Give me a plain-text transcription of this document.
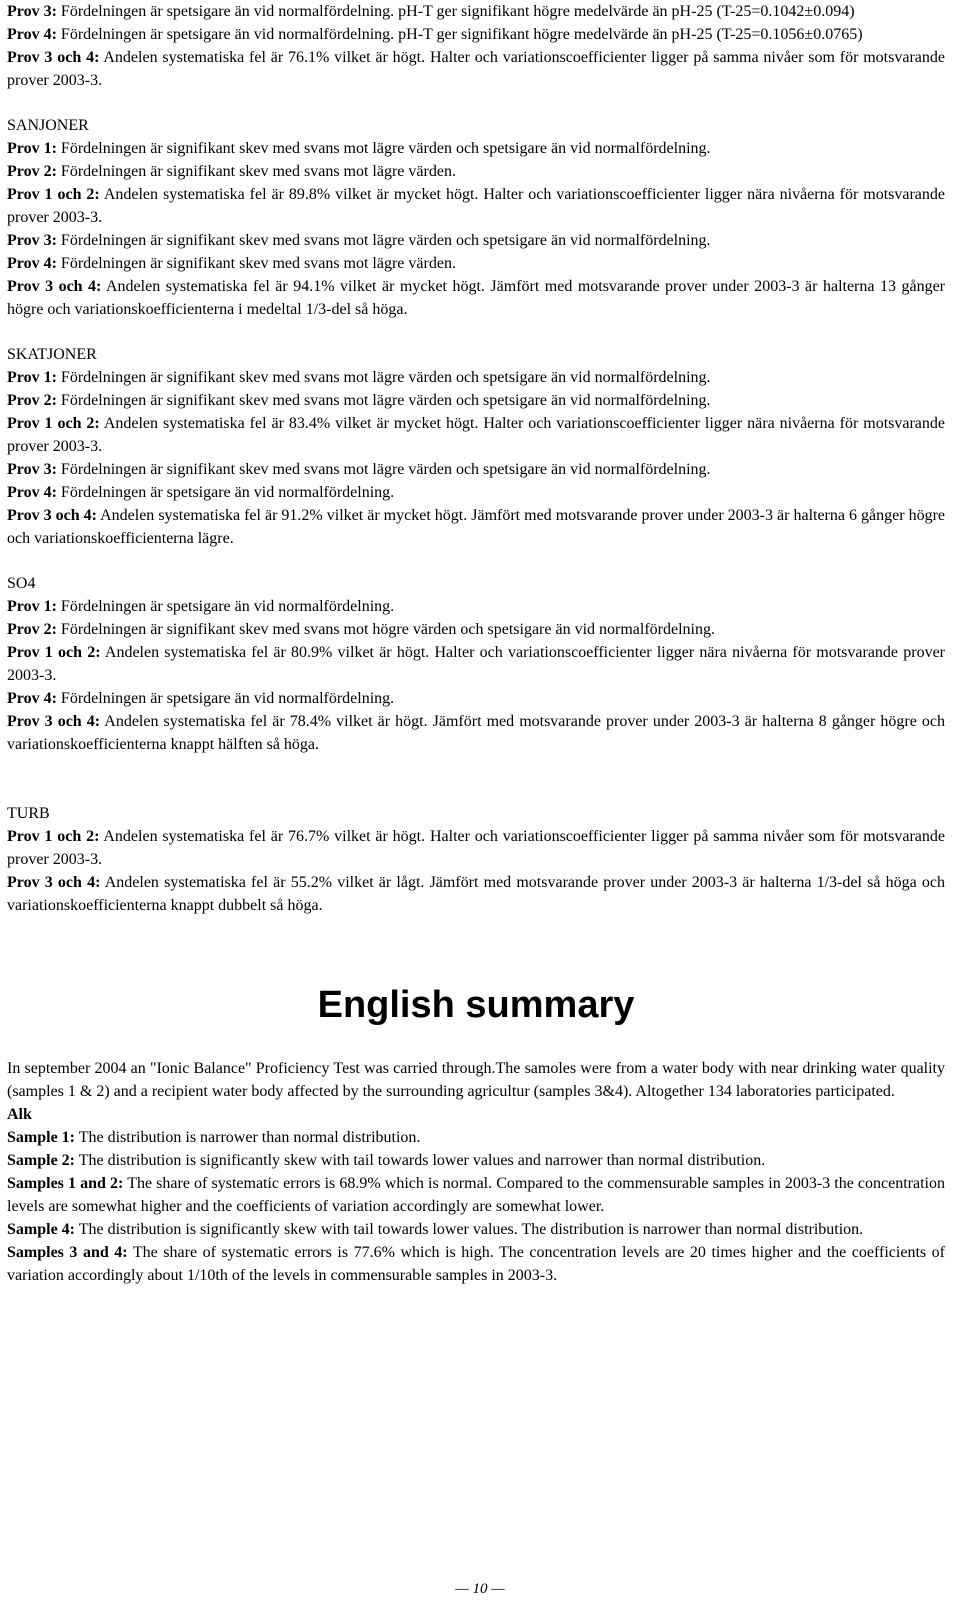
Prov 3: Fördelningen är spetsigare än vid normalfördelning. pH-T ger signifikant högre medelvärde än pH-25 (T-25=0.1042±0.094)

Prov 4: Fördelningen är spetsigare än vid normalfördelning. pH-T ger signifikant högre medelvärde än pH-25 (T-25=0.1056±0.0765)

Prov 3 och 4: Andelen systematiska fel är 76.1% vilket är högt. Halter och variationscoefficienter ligger på samma nivåer som för motsvarande prover 2003-3.

SANJONER

Prov 1: Fördelningen är signifikant skev med svans mot lägre värden och spetsigare än vid normalfördelning.

Prov 2: Fördelningen är signifikant skev med svans mot lägre värden.

Prov 1 och 2: Andelen systematiska fel är 89.8% vilket är mycket högt. Halter och variationscoefficienter ligger nära nivåerna för motsvarande prover 2003-3.

Prov 3: Fördelningen är signifikant skev med svans mot lägre värden och spetsigare än vid normalfördelning.

Prov 4: Fördelningen är signifikant skev med svans mot lägre värden.

Prov 3 och 4: Andelen systematiska fel är 94.1% vilket är mycket högt. Jämfört med motsvarande prover under 2003-3 är halterna 13 gånger högre och variationskoefficienterna i medeltal 1/3-del så höga.

SKATJONER

Prov 1: Fördelningen är signifikant skev med svans mot lägre värden och spetsigare än vid normalfördelning.

Prov 2: Fördelningen är signifikant skev med svans mot lägre värden och spetsigare än vid normalfördelning.

Prov 1 och 2: Andelen systematiska fel är 83.4% vilket är mycket högt. Halter och variationscoefficienter ligger nära nivåerna för motsvarande prover 2003-3.

Prov 3: Fördelningen är signifikant skev med svans mot lägre värden och spetsigare än vid normalfördelning.

Prov 4: Fördelningen är spetsigare än vid normalfördelning.

Prov 3 och 4: Andelen systematiska fel är 91.2% vilket är mycket högt. Jämfört med motsvarande prover under 2003-3 är halterna 6 gånger högre och variationskoefficienterna lägre.

SO4

Prov 1: Fördelningen är spetsigare än vid normalfördelning.

Prov 2: Fördelningen är signifikant skev med svans mot högre värden och spetsigare än vid normalfördelning.

Prov 1 och 2: Andelen systematiska fel är 80.9% vilket är högt. Halter och variationscoefficienter ligger nära nivåerna för motsvarande prover 2003-3.

Prov 4: Fördelningen är spetsigare än vid normalfördelning.

Prov 3 och 4: Andelen systematiska fel är 78.4% vilket är högt. Jämfört med motsvarande prover under 2003-3 är halterna 8 gånger högre och variationskoefficienterna knappt hälften så höga.

TURB

Prov 1 och 2: Andelen systematiska fel är 76.7% vilket är högt. Halter och variationscoefficienter ligger på samma nivåer som för motsvarande prover 2003-3.

Prov 3 och 4: Andelen systematiska fel är 55.2% vilket är lågt. Jämfört med motsvarande prover under 2003-3 är halterna 1/3-del så höga och variationskoefficienterna knappt dubbelt så höga.

English summary

In september 2004 an "Ionic Balance" Proficiency Test was carried through.The samoles were from a water body with near drinking water quality (samples 1 & 2) and a recipient water body affected by the surrounding agricultur (samples 3&4). Altogether 134 laboratories participated.

Alk

Sample 1: The distribution is narrower than normal distribution.

Sample 2: The distribution is significantly skew with tail towards lower values and narrower than normal distribution.

Samples 1 and 2: The share of systematic errors is 68.9% which is normal. Compared to the commensurable samples in 2003-3 the concentration levels are somewhat higher and the coefficients of variation accordingly are somewhat lower.

Sample 4: The distribution is significantly skew with tail towards lower values. The distribution is narrower than normal distribution.

Samples 3 and 4: The share of systematic errors is 77.6% which is high. The concentration levels are 20 times higher and the coefficients of variation accordingly about 1/10th of the levels in commensurable samples in 2003-3.

— 10 —
